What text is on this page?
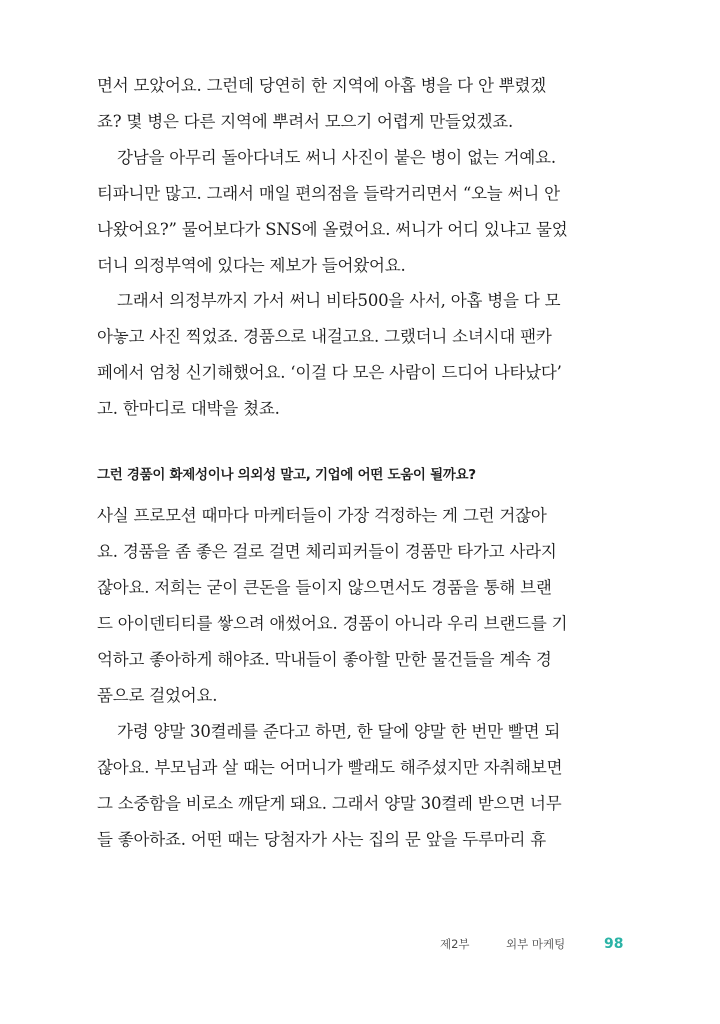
면서 모았어요. 그런데 당연히 한 지역에 아홉 병을 다 안 뿌렸겠
죠? 몇 병은 다른 지역에 뿌려서 모으기 어렵게 만들었겠죠.
강남을 아무리 돌아다녀도 써니 사진이 붙은 병이 없는 거예요.
티파니만 많고. 그래서 매일 편의점을 들락거리면서 “오늘 써니 안
나왔어요?” 물어보다가 SNS에 올렸어요. 써니가 어디 있냐고 물었
더니 의정부역에 있다는 제보가 들어왔어요.
그래서 의정부까지 가서 써니 비타500을 사서, 아홉 병을 다 모
아놓고 사진 찍었죠. 경품으로 내걸고요. 그랬더니 소녀시대 팬카
페에서 엄청 신기해했어요. ‘이걸 다 모은 사람이 드디어 나타났다’
고. 한마디로 대박을 쳤죠.
그런 경품이 화제성이나 의외성 말고, 기업에 어떤 도움이 될까요?
사실 프로모션 때마다 마케터들이 가장 걱정하는 게 그런 거잖아
요. 경품을 좀 좋은 걸로 걸면 체리피커들이 경품만 타가고 사라지
잖아요. 저희는 굳이 큰돈을 들이지 않으면서도 경품을 통해 브랜
드 아이덴티티를 쌓으려 애썼어요. 경품이 아니라 우리 브랜드를 기
억하고 좋아하게 해야죠. 막내들이 좋아할 만한 물건들을 계속 경
품으로 걸었어요.
가령 양말 30켤레를 준다고 하면, 한 달에 양말 한 번만 빨면 되
잖아요. 부모님과 살 때는 어머니가 빨래도 해주셨지만 자취해보면
그 소중함을 비로소 깨닫게 돼요. 그래서 양말 30켤레 받으면 너무
들 좋아하죠. 어떤 때는 당첨자가 사는 집의 문 앞을 두루마리 휴
제2부	외부 마케팅	98
